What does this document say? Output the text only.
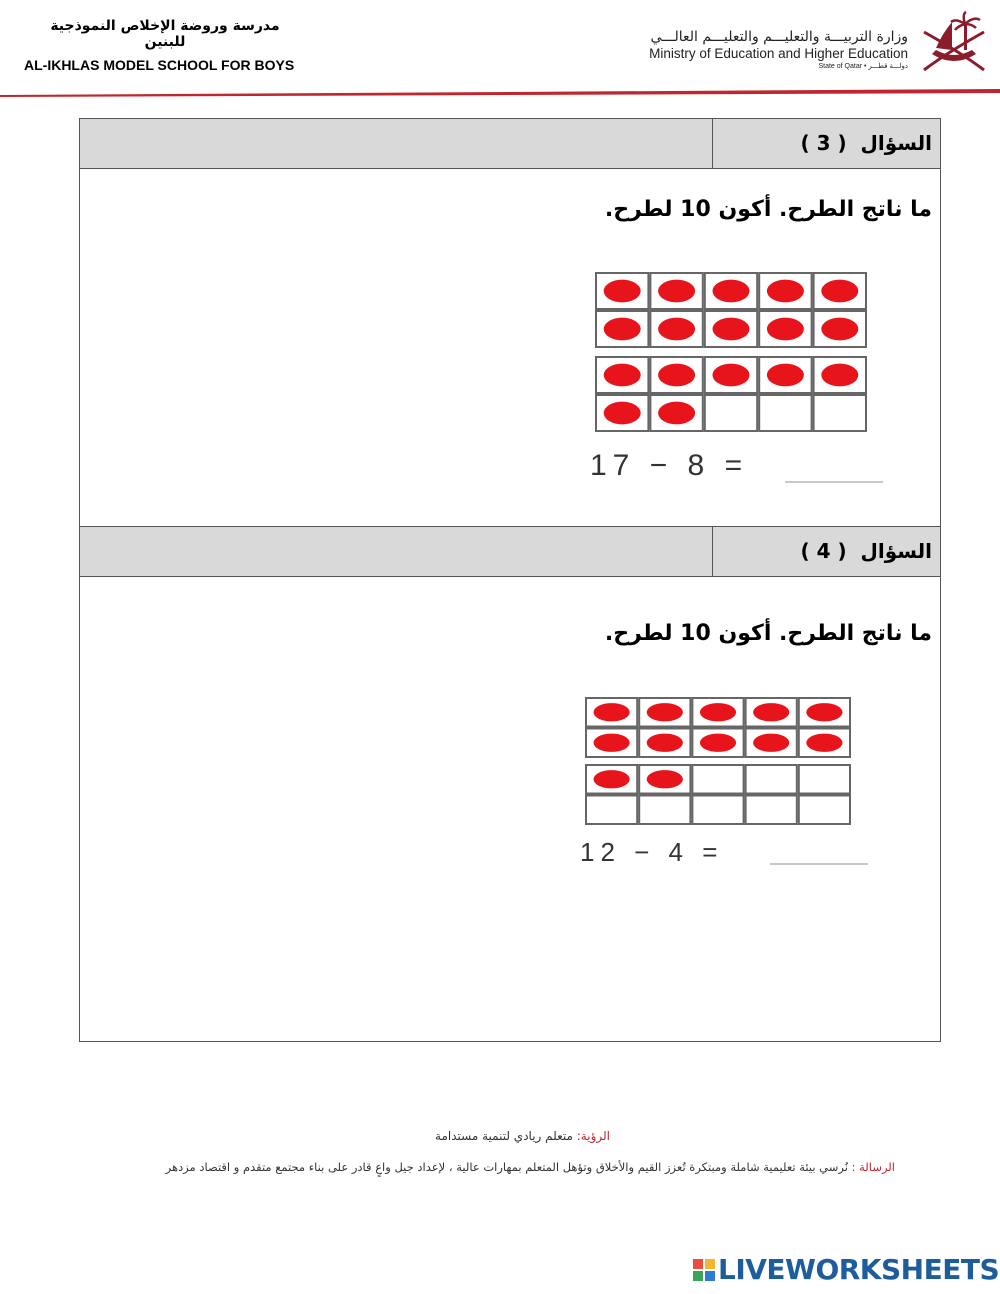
مدرسة وروضة الإخلاص النموذجية للبنين
AL-IKHLAS MODEL SCHOOL FOR BOYS
وزارة التربيـــة والتعليـــم والتعليـــم العالـــي
Ministry of Education and Higher Education
State of Qatar • دولـــة قطـــر
السؤال  ( 3 )
ما ناتج الطرح. أكون 10 لطرح.
17 − 8 =
السؤال  ( 4 )
ما ناتج الطرح. أكون 10 لطرح.
12 − 4 =
الرؤية: متعلم ريادي لتنمية مستدامة
الرسالة : نُرسي بيئة تعليمية شاملة ومبتكرة تُعزز القيم والأخلاق وتؤهل المتعلم بمهارات عالية ، لإعداد جيل واعٍ قادر على بناء مجتمع متقدم و اقتصاد مزدهر
LIVEWORKSHEETS
